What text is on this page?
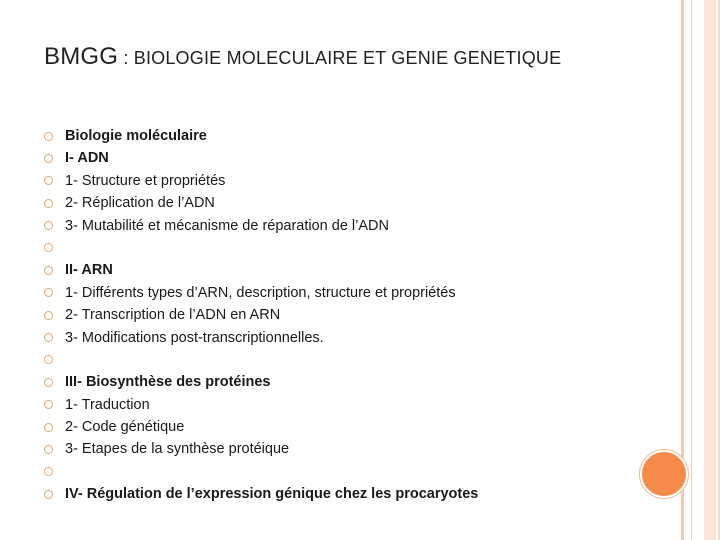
BMGG : BIOLOGIE MOLECULAIRE ET GENIE GENETIQUE
Biologie moléculaire
I- ADN
1- Structure et propriétés
2- Réplication de l’ADN
3- Mutabilité et mécanisme de réparation de l’ADN
II- ARN
1- Différents types d’ARN, description, structure et propriétés
2- Transcription de l’ADN en ARN
3- Modifications post-transcriptionnelles.
III- Biosynthèse des protéines
1- Traduction
2- Code génétique
3- Etapes de la synthèse protéique
IV- Régulation de l’expression génique chez les procaryotes
